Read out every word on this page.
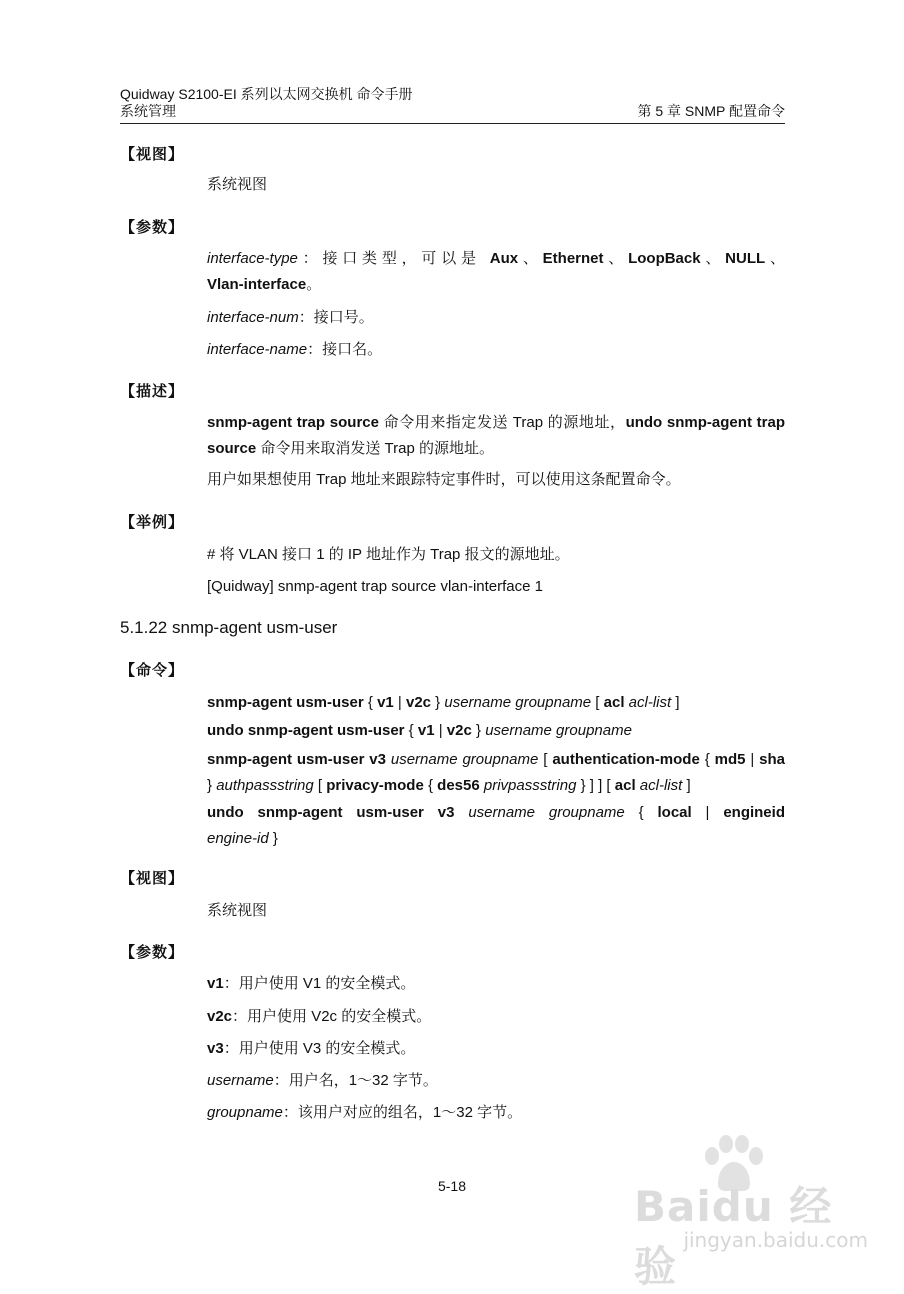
Quidway S2100-EI 系列以太网交换机 命令手册
系统管理	第 5 章 SNMP 配置命令
【视图】
系统视图
【参数】
interface-type：接口类型，可以是 Aux、Ethernet、LoopBack、NULL、
Vlan-interface。
interface-num：接口号。
interface-name：接口名。
【描述】
snmp-agent trap source 命令用来指定发送 Trap 的源地址，undo snmp-agent trap source 命令用来取消发送 Trap 的源地址。
用户如果想使用 Trap 地址来跟踪特定事件时，可以使用这条配置命令。
【举例】
# 将 VLAN 接口 1 的 IP 地址作为 Trap 报文的源地址。
[Quidway] snmp-agent trap source vlan-interface 1
5.1.22 snmp-agent usm-user
【命令】
snmp-agent usm-user { v1 | v2c } username groupname [ acl acl-list ]
undo snmp-agent usm-user { v1 | v2c } username groupname
snmp-agent usm-user v3 username groupname [ authentication-mode { md5 | sha } authpassstring [ privacy-mode { des56 privpassstring } ] ] [ acl acl-list ]
undo snmp-agent usm-user v3 username groupname { local | engineid
engine-id }
【视图】
系统视图
【参数】
v1：用户使用 V1 的安全模式。
v2c：用户使用 V2c 的安全模式。
v3：用户使用 V3 的安全模式。
username：用户名，1～32 字节。
groupname：该用户对应的组名，1～32 字节。
5-18	Baidu 经验
jingyan.baidu.com
